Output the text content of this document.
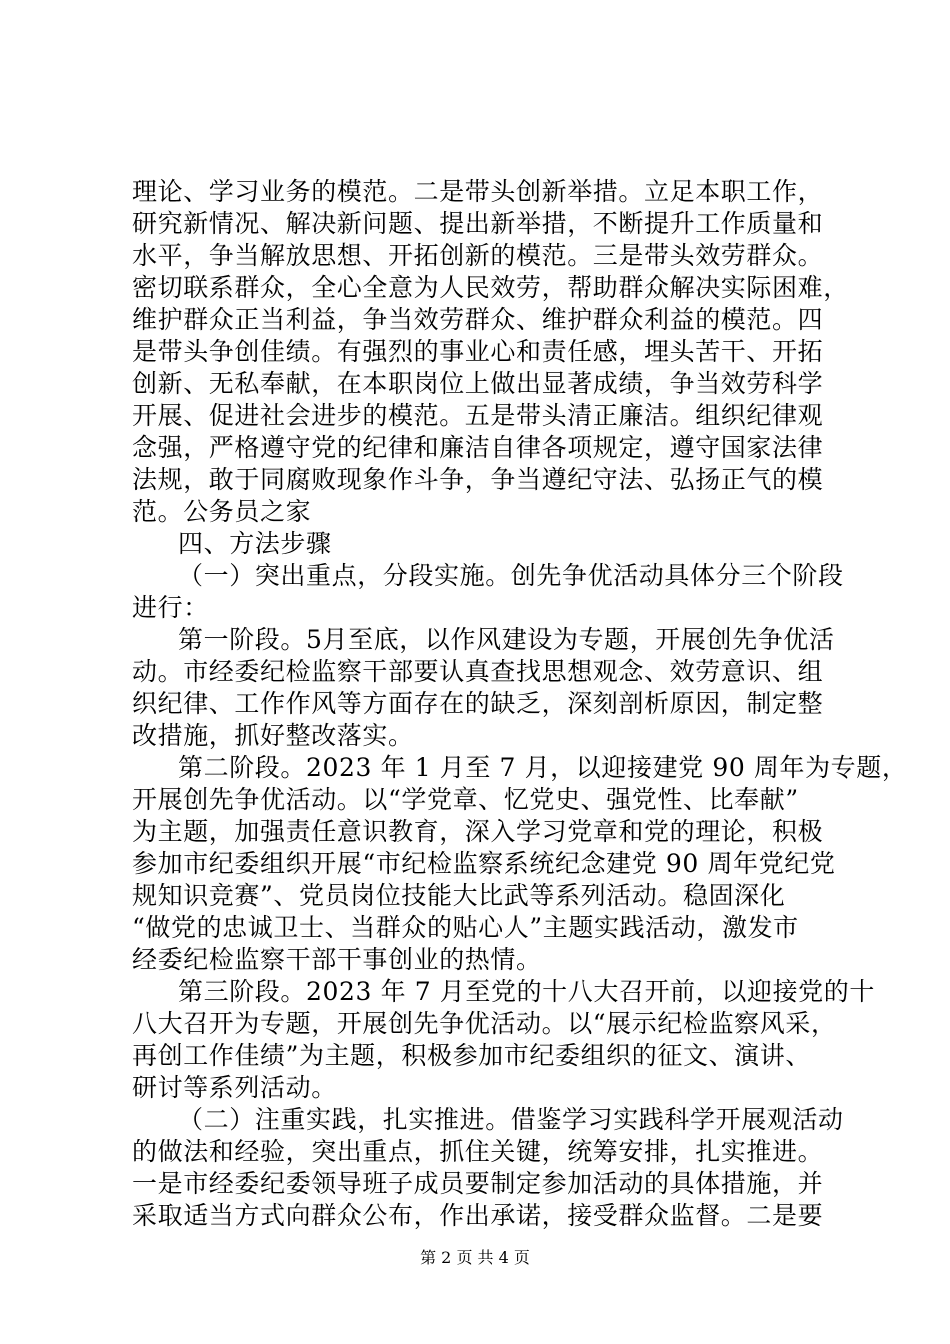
理论、学习业务的模范。二是带头创新举措。立足本职工作，
研究新情况、解决新问题、提出新举措，不断提升工作质量和
水平，争当解放思想、开拓创新的模范。三是带头效劳群众。
密切联系群众，全心全意为人民效劳，帮助群众解决实际困难，
维护群众正当利益，争当效劳群众、维护群众利益的模范。四
是带头争创佳绩。有强烈的事业心和责任感，埋头苦干、开拓
创新、无私奉献，在本职岗位上做出显著成绩，争当效劳科学
开展、促进社会进步的模范。五是带头清正廉洁。组织纪律观
念强，严格遵守党的纪律和廉洁自律各项规定，遵守国家法律
法规，敢于同腐败现象作斗争，争当遵纪守法、弘扬正气的模
范。公务员之家
四、方法步骤
（一）突出重点，分段实施。创先争优活动具体分三个阶段
进行：
第一阶段。5月至底，以作风建设为专题，开展创先争优活
动。市经委纪检监察干部要认真查找思想观念、效劳意识、组
织纪律、工作作风等方面存在的缺乏，深刻剖析原因，制定整
改措施，抓好整改落实。
第二阶段。2023 年 1 月至 7 月，以迎接建党 90 周年为专题，
开展创先争优活动。以“学党章、忆党史、强党性、比奉献”
为主题，加强责任意识教育，深入学习党章和党的理论，积极
参加市纪委组织开展“市纪检监察系统纪念建党 90 周年党纪党
规知识竞赛”、党员岗位技能大比武等系列活动。稳固深化
“做党的忠诚卫士、当群众的贴心人”主题实践活动，激发市
经委纪检监察干部干事创业的热情。
第三阶段。2023 年 7 月至党的十八大召开前，以迎接党的十
八大召开为专题，开展创先争优活动。以“展示纪检监察风采，
再创工作佳绩”为主题，积极参加市纪委组织的征文、演讲、
研讨等系列活动。
（二）注重实践，扎实推进。借鉴学习实践科学开展观活动
的做法和经验，突出重点，抓住关键，统筹安排，扎实推进。
一是市经委纪委领导班子成员要制定参加活动的具体措施，并
采取适当方式向群众公布，作出承诺，接受群众监督。二是要
第 2 页 共 4 页
